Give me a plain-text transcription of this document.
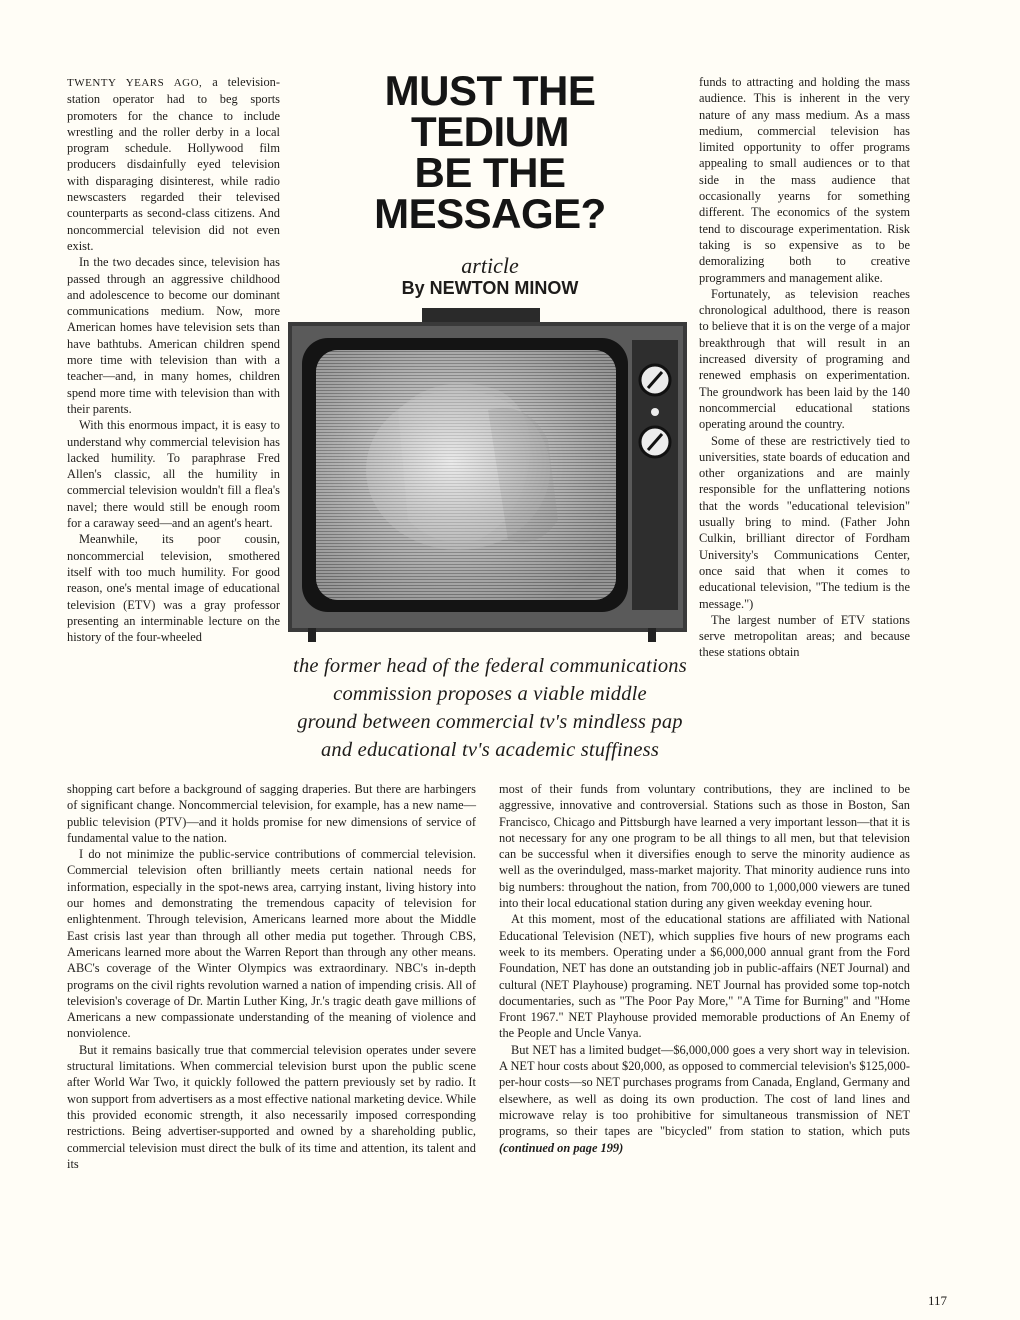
TWENTY YEARS AGO, a television-station operator had to beg sports promoters for the chance to include wrestling and the roller derby in a local program schedule. Hollywood film producers disdainfully eyed television with disparaging disinterest, while radio newscasters regarded their televised counterparts as second-class citizens. And noncommercial television did not even exist.

In the two decades since, television has passed through an aggressive childhood and adolescence to become our dominant communications medium. Now, more American homes have television sets than have bathtubs. American children spend more time with television than with a teacher—and, in many homes, children spend more time with television than with their parents.

With this enormous impact, it is easy to understand why commercial television has lacked humility. To paraphrase Fred Allen's classic, all the humility in commercial television wouldn't fill a flea's navel; there would still be enough room for a caraway seed—and an agent's heart.

Meanwhile, its poor cousin, noncommercial television, smothered itself with too much humility. For good reason, one's mental image of educational television (ETV) was a gray professor presenting an interminable lecture on the history of the four-wheeled

MUST THE
TEDIUM
BE THE
MESSAGE?
article
By NEWTON MINOW
the former head of the federal communications
commission proposes a viable middle
ground between commercial tv's mindless pap
and educational tv's academic stuffiness

funds to attracting and holding the mass audience. This is inherent in the very nature of any mass medium. As a mass medium, commercial television has limited opportunity to offer programs appealing to small audiences or to that side in the mass audience that occasionally yearns for something different. The economics of the system tend to discourage experimentation. Risk taking is so expensive as to be demoralizing both to creative programmers and management alike.

Fortunately, as television reaches chronological adulthood, there is reason to believe that it is on the verge of a major breakthrough that will result in an increased diversity of programing and renewed emphasis on experimentation. The groundwork has been laid by the 140 noncommercial educational stations operating around the country.

Some of these are restrictively tied to universities, state boards of education and other organizations and are mainly responsible for the unflattering notions that the words "educational television" usually bring to mind. (Father John Culkin, brilliant director of Fordham University's Communications Center, once said that when it comes to educational television, "The tedium is the message.")

The largest number of ETV stations serve metropolitan areas; and because these stations obtain

shopping cart before a background of sagging draperies. But there are harbingers of significant change. Noncommercial television, for example, has a new name—public television (PTV)—and it holds promise for new dimensions of service of fundamental value to the nation.

I do not minimize the public-service contributions of commercial television. Commercial television often brilliantly meets certain national needs for information, especially in the spot-news area, carrying instant, living history into our homes and demonstrating the tremendous capacity of television for enlightenment. Through television, Americans learned more about the Middle East crisis last year than through all other media put together. Through CBS, Americans learned more about the Warren Report than through any other means. ABC's coverage of the Winter Olympics was extraordinary. NBC's in-depth programs on the civil rights revolution warned a nation of impending crisis. All of television's coverage of Dr. Martin Luther King, Jr.'s tragic death gave millions of Americans a new compassionate understanding of the meaning of violence and nonviolence.

But it remains basically true that commercial television operates under severe structural limitations. When commercial television burst upon the public scene after World War Two, it quickly followed the pattern previously set by radio. It won support from advertisers as a most effective national marketing device. While this provided economic strength, it also necessarily imposed corresponding restrictions. Being advertiser-supported and owned by a shareholding public, commercial television must direct the bulk of its time and attention, its talent and its

most of their funds from voluntary contributions, they are inclined to be aggressive, innovative and controversial. Stations such as those in Boston, San Francisco, Chicago and Pittsburgh have learned a very important lesson—that it is not necessary for any one program to be all things to all men, but that television can be successful when it diversifies enough to serve the minority audience as well as the overindulged, mass-market majority. That minority audience runs into big numbers: throughout the nation, from 700,000 to 1,000,000 viewers are tuned into their local educational station during any given weekday evening hour.

At this moment, most of the educational stations are affiliated with National Educational Television (NET), which supplies five hours of new programs each week to its members. Operating under a $6,000,000 annual grant from the Ford Foundation, NET has done an outstanding job in public-affairs (NET Journal) and cultural (NET Playhouse) programing. NET Journal has provided some top-notch documentaries, such as "The Poor Pay More," "A Time for Burning" and "Home Front 1967." NET Playhouse provided memorable productions of An Enemy of the People and Uncle Vanya.

But NET has a limited budget—$6,000,000 goes a very short way in television. A NET hour costs about $20,000, as opposed to commercial television's $125,000-per-hour costs—so NET purchases programs from Canada, England, Germany and elsewhere, as well as doing its own production. The cost of land lines and microwave relay is too prohibitive for simultaneous transmission of NET programs, so their tapes are "bicycled" from station to station, which puts (continued on page 199)

117
